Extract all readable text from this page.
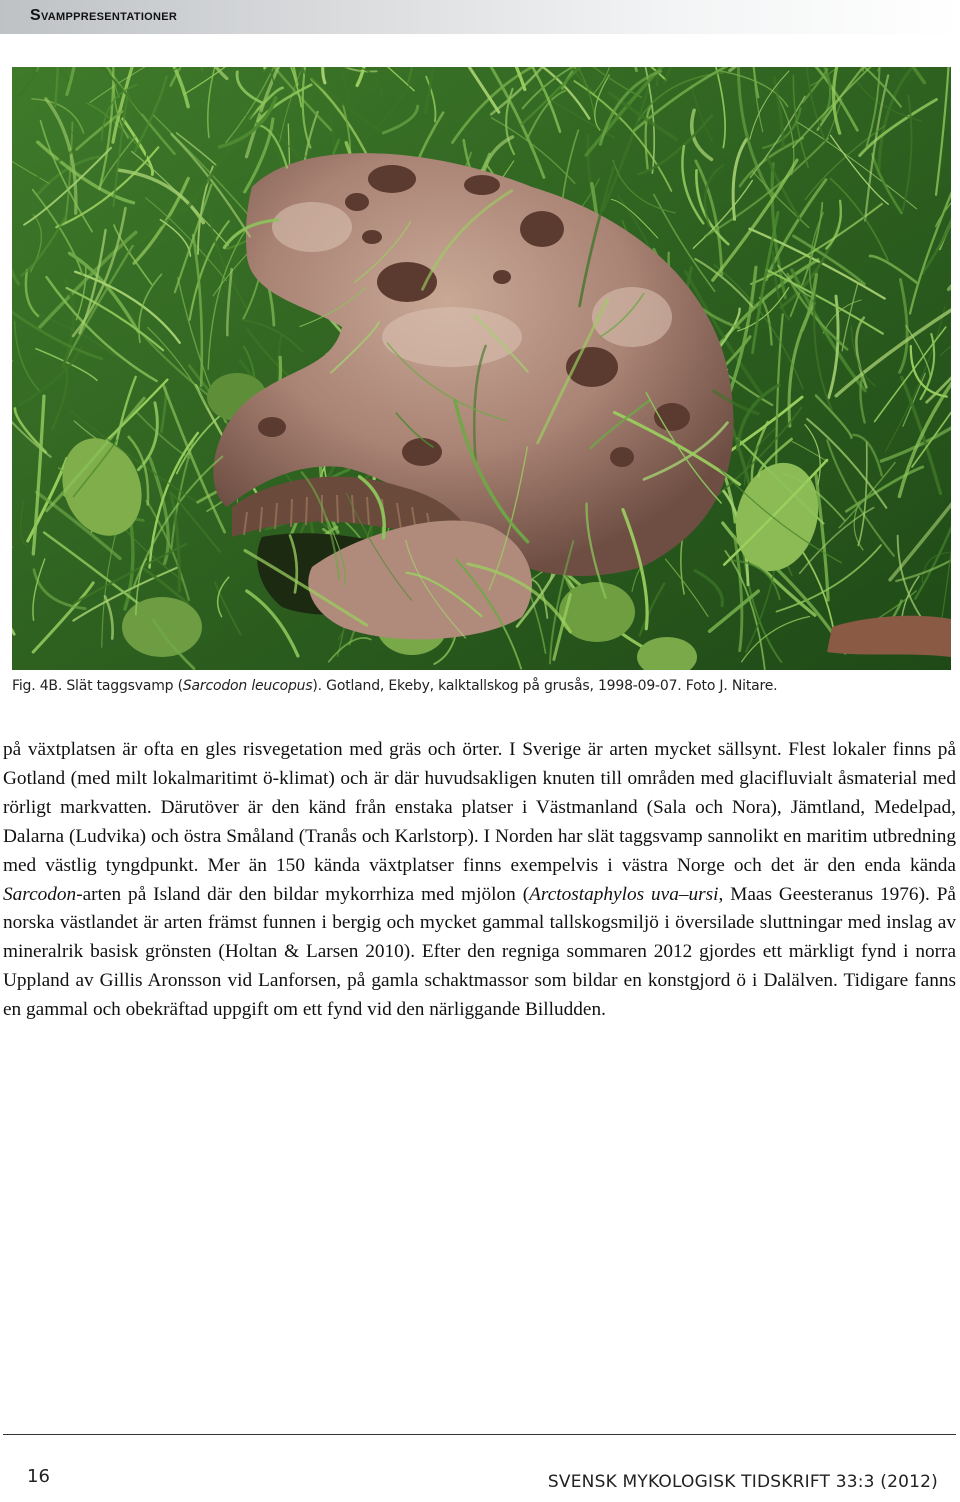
Svamppresentationer
Fig. 4B. Slät taggsvamp (Sarcodon leucopus). Gotland, Ekeby, kalktallskog på grusås, 1998-09-07. Foto J. Nitare.

på växtplatsen är ofta en gles risvegetation med gräs och örter. I Sverige är arten mycket sällsynt. Flest lokaler finns på Gotland (med milt lokalmaritimt ö-klimat) och är där huvudsakligen knuten till områden med glacifluvialt åsmaterial med rörligt markvatten. Därutöver är den känd från enstaka platser i Västmanland (Sala och Nora), Jämtland, Medelpad, Dalarna (Ludvika) och östra Småland (Tranås och Karlstorp). I Norden har slät taggsvamp sannolikt en maritim utbredning med västlig tyngdpunkt. Mer än 150 kända växtplatser finns exempelvis i västra Norge och det är den enda kända Sarcodon-arten på Island där den bildar mykorrhiza med mjölon (Arctostaphylos uva–ursi, Maas Geesteranus 1976). På norska västlandet är arten främst funnen i bergig och mycket gammal tallskogsmiljö i översilade sluttningar med inslag av mineralrik basisk grönsten (Holtan & Larsen 2010). Efter den regniga sommaren 2012 gjordes ett märkligt fynd i norra Uppland av Gillis Aronsson vid Lanforsen, på gamla schaktmassor som bildar en konstgjord ö i Dalälven. Tidigare fanns en gammal och obekräftad uppgift om ett fynd vid den närliggande Billudden.

16	SVENSK MYKOLOGISK TIDSKRIFT 33:3 (2012)
